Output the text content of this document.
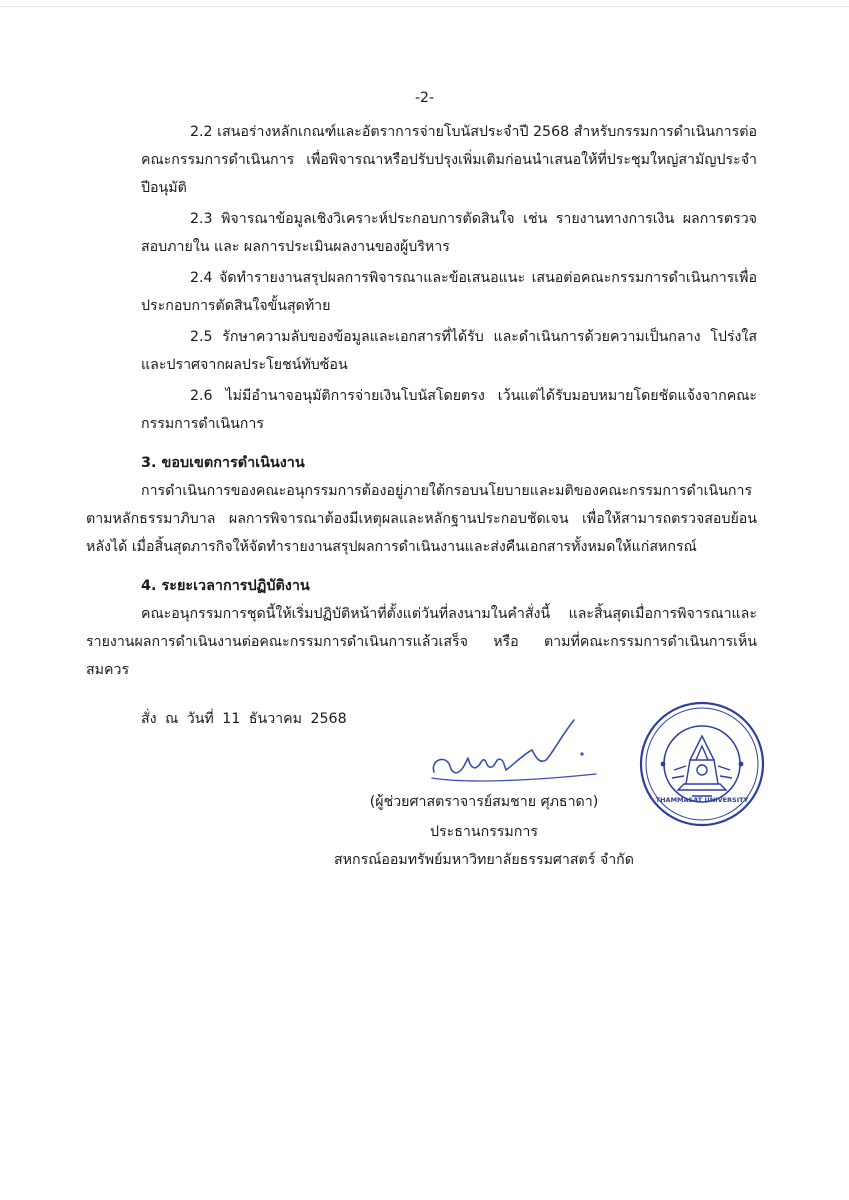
-2-

2.2 เสนอร่างหลักเกณฑ์และอัตราการจ่ายโบนัสประจำปี 2568 สำหรับกรรมการดำเนินการต่อคณะกรรมการดำเนินการ เพื่อพิจารณาหรือปรับปรุงเพิ่มเติมก่อนนำเสนอให้ที่ประชุมใหญ่สามัญประจำปีอนุมัติ

2.3 พิจารณาข้อมูลเชิงวิเคราะห์ประกอบการตัดสินใจ เช่น รายงานทางการเงิน ผลการตรวจสอบภายใน และ ผลการประเมินผลงานของผู้บริหาร

2.4 จัดทำรายงานสรุปผลการพิจารณาและข้อเสนอแนะ เสนอต่อคณะกรรมการดำเนินการเพื่อประกอบการตัดสินใจขั้นสุดท้าย

2.5 รักษาความลับของข้อมูลและเอกสารที่ได้รับ และดำเนินการด้วยความเป็นกลาง โปร่งใสและปราศจากผลประโยชน์ทับซ้อน

2.6 ไม่มีอำนาจอนุมัติการจ่ายเงินโบนัสโดยตรง เว้นแต่ได้รับมอบหมายโดยชัดแจ้งจากคณะกรรมการดำเนินการ

3. ขอบเขตการดำเนินงาน

การดำเนินการของคณะอนุกรรมการต้องอยู่ภายใต้กรอบนโยบายและมติของคณะกรรมการดำเนินการ ตามหลักธรรมาภิบาล ผลการพิจารณาต้องมีเหตุผลและหลักฐานประกอบชัดเจน เพื่อให้สามารถตรวจสอบย้อนหลังได้ เมื่อสิ้นสุดภารกิจให้จัดทำรายงานสรุปผลการดำเนินงานและส่งคืนเอกสารทั้งหมดให้แก่สหกรณ์

4. ระยะเวลาการปฏิบัติงาน

คณะอนุกรรมการชุดนี้ให้เริ่มปฏิบัติหน้าที่ตั้งแต่วันที่ลงนามในคำสั่งนี้ และสิ้นสุดเมื่อการพิจารณาและรายงานผลการดำเนินงานต่อคณะกรรมการดำเนินการแล้วเสร็จ หรือ ตามที่คณะกรรมการดำเนินการเห็นสมควร

สั่ง ณ วันที่ 11 ธันวาคม 2568
(ผู้ช่วยศาสตราจารย์สมชาย ศุภธาดา)
ประธานกรรมการ
สหกรณ์ออมทรัพย์มหาวิทยาลัยธรรมศาสตร์ จำกัด
THAMMASAT UNIVERSITY
